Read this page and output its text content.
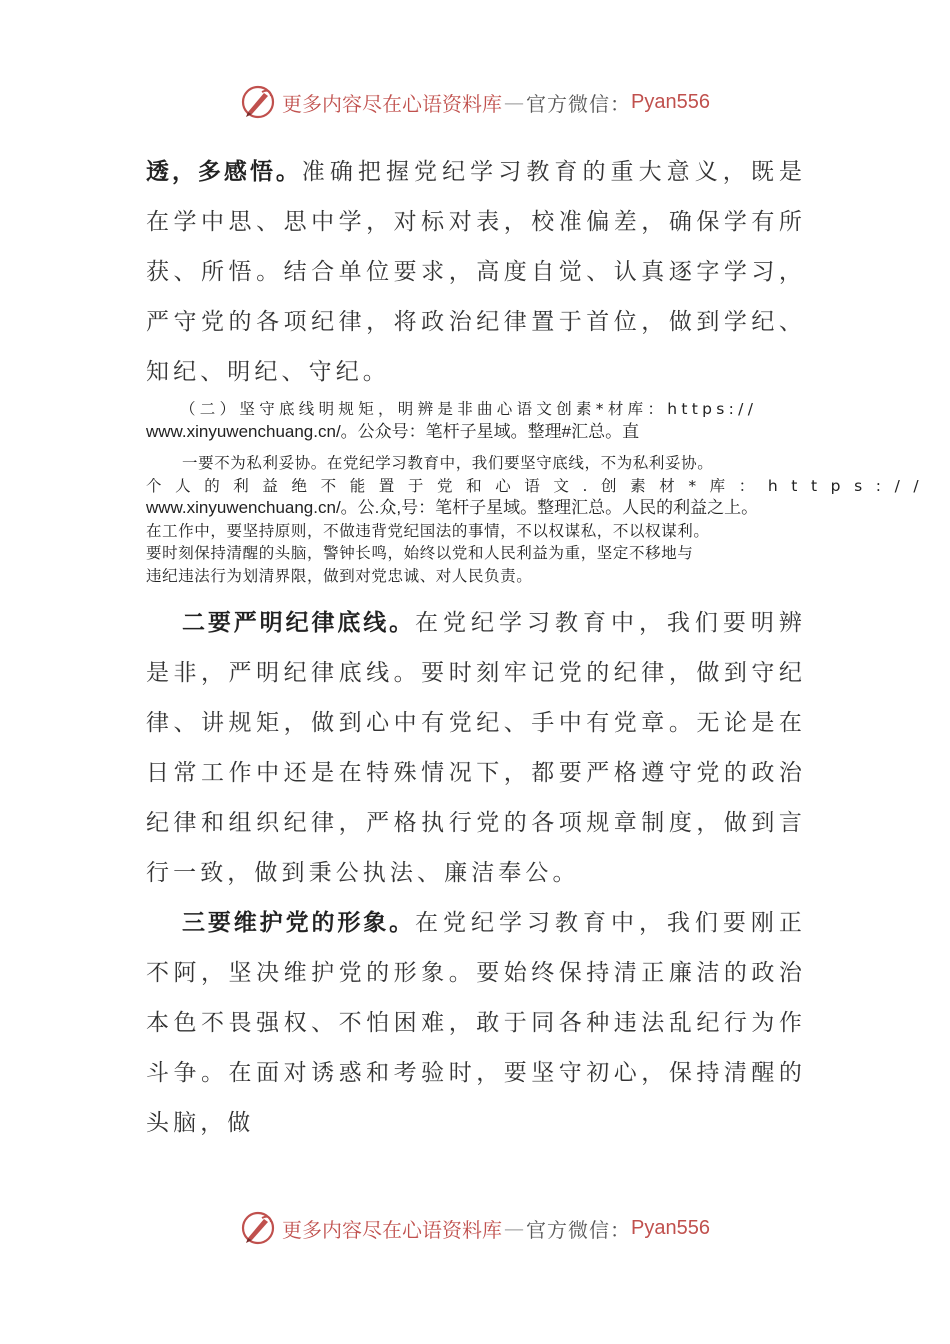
更多内容尽在心语资料库 — 官方微信： Pyan556
透，多感悟。准确把握党纪学习教育的重大意义，既是在学中思、思中学，对标对表，校准偏差，确保学有所获、所悟。结合单位要求，高度自觉、认真逐字学习，严守党的各项纪律，将政治纪律置于首位，做到学纪、知纪、明纪、守纪。
（二）坚守底线明规矩，明辨是非曲心语文创素*材库：https://
www.xinyuwenchuang.cn/。公众号：笔杆子星域。整理#汇总。直
一要不为私利妥协。在党纪学习教育中，我们要坚守底线，不为私利妥协。
个人的利益绝不能置于党和心语文.创素材*库：https://
www.xinyuwenchuang.cn/。公.众,号：笔杆子星域。整理汇总。人民的利益之上。
在工作中，要坚持原则，不做违背党纪国法的事情，不以权谋私，不以权谋利。
要时刻保持清醒的头脑，警钟长鸣，始终以党和人民利益为重，坚定不移地与
违纪违法行为划清界限，做到对党忠诚、对人民负责。
二要严明纪律底线。在党纪学习教育中，我们要明辨是非，严明纪律底线。要时刻牢记党的纪律，做到守纪律、讲规矩，做到心中有党纪、手中有党章。无论是在日常工作中还是在特殊情况下，都要严格遵守党的政治纪律和组织纪律，严格执行党的各项规章制度，做到言行一致，做到秉公执法、廉洁奉公。
三要维护党的形象。在党纪学习教育中，我们要刚正不阿，坚决维护党的形象。要始终保持清正廉洁的政治本色不畏强权、不怕困难，敢于同各种违法乱纪行为作斗争。在面对诱惑和考验时，要坚守初心，保持清醒的头脑，做
更多内容尽在心语资料库 — 官方微信： Pyan556
